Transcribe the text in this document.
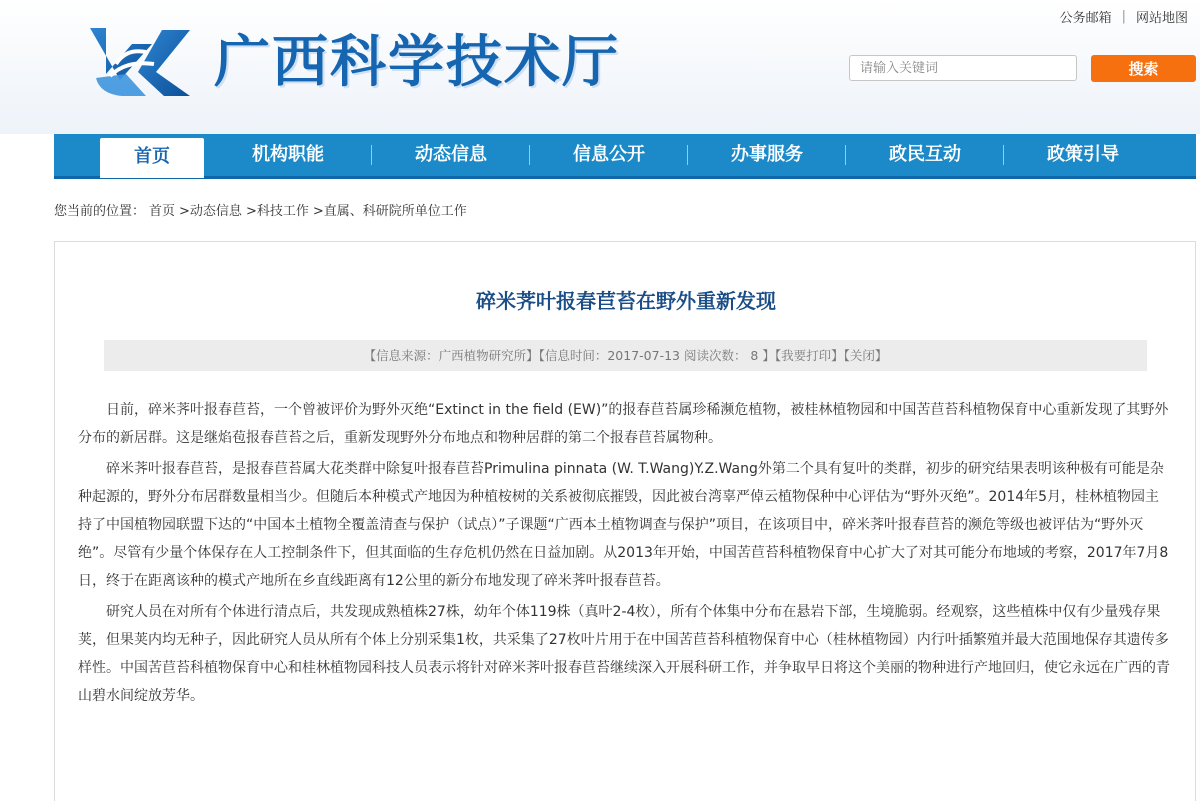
公务邮箱 | 网站地图
广西科学技术厅
请输入关键词	搜索
首页	机构职能	动态信息	信息公开	办事服务	政民互动	政策引导
您当前的位置： 首页 >动态信息 >科技工作 >直属、科研院所单位工作
碎米荠叶报春苣苔在野外重新发现
【信息来源：广西植物研究所】【信息时间：2017-07-13 阅读次数： 8 】【我要打印】【关闭】

日前，碎米荠叶报春苣苔，一个曾被评价为野外灭绝“Extinct in the field (EW)”的报春苣苔属珍稀濒危植物，被桂林植物园和中国苦苣苔科植物保育中心重新发现了其野外分布的新居群。这是继焰苞报春苣苔之后，重新发现野外分布地点和物种居群的第二个报春苣苔属物种。

碎米荠叶报春苣苔，是报春苣苔属大花类群中除复叶报春苣苔Primulina pinnata (W. T.Wang)Y.Z.Wang外第二个具有复叶的类群，初步的研究结果表明该种极有可能是杂种起源的，野外分布居群数量相当少。但随后本种模式产地因为种植桉树的关系被彻底摧毁，因此被台湾辜严倬云植物保种中心评估为“野外灭绝”。2014年5月，桂林植物园主持了中国植物园联盟下达的“中国本土植物全覆盖清查与保护（试点）”子课题“广西本土植物调查与保护”项目，在该项目中，碎米荠叶报春苣苔的濒危等级也被评估为“野外灭绝”。尽管有少量个体保存在人工控制条件下，但其面临的生存危机仍然在日益加剧。从2013年开始，中国苦苣苔科植物保育中心扩大了对其可能分布地域的考察，2017年7月8日，终于在距离该种的模式产地所在乡直线距离有12公里的新分布地发现了碎米荠叶报春苣苔。

研究人员在对所有个体进行清点后，共发现成熟植株27株，幼年个体119株（真叶2-4枚），所有个体集中分布在悬岩下部，生境脆弱。经观察，这些植株中仅有少量残存果荚，但果荚内均无种子，因此研究人员从所有个体上分别采集1枚，共采集了27枚叶片用于在中国苦苣苔科植物保育中心（桂林植物园）内行叶插繁殖并最大范围地保存其遗传多样性。中国苦苣苔科植物保育中心和桂林植物园科技人员表示将针对碎米荠叶报春苣苔继续深入开展科研工作，并争取早日将这个美丽的物种进行产地回归，使它永远在广西的青山碧水间绽放芳华。
